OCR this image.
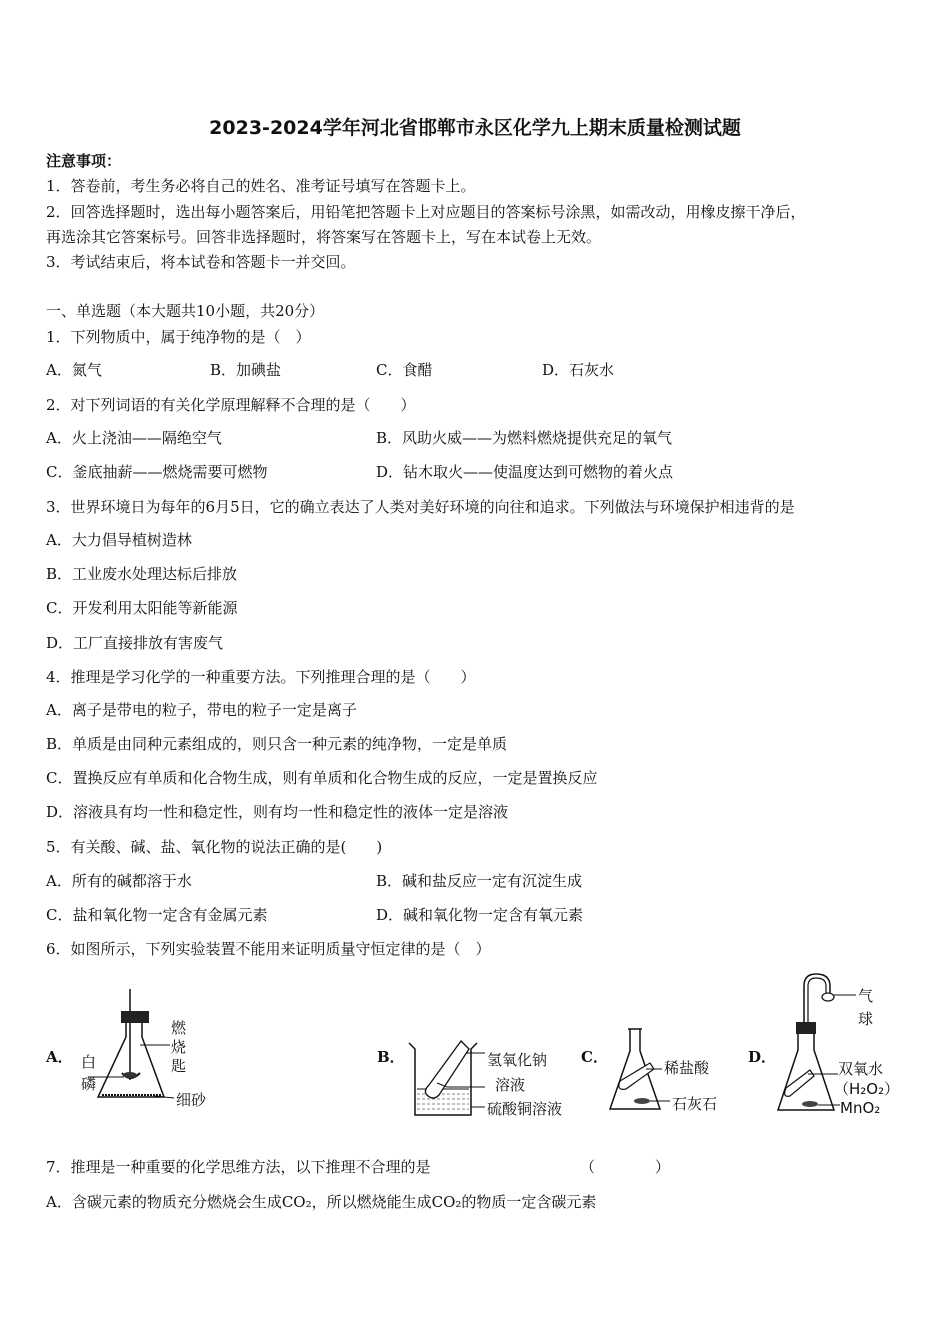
2023-2024学年河北省邯郸市永区化学九上期末质量检测试题
注意事项：
1．答卷前，考生务必将自己的姓名、准考证号填写在答题卡上。
2．回答选择题时，选出每小题答案后，用铅笔把答题卡上对应题目的答案标号涂黑，如需改动，用橡皮擦干净后，
再选涂其它答案标号。回答非选择题时，将答案写在答题卡上，写在本试卷上无效。
3．考试结束后，将本试卷和答题卡一并交回。
一、单选题（本大题共10小题，共20分）
1．下列物质中，属于纯净物的是（　）
A．氮气	B．加碘盐	C．食醋	D．石灰水
2．对下列词语的有关化学原理解释不合理的是（　　）
A．火上浇油——隔绝空气	B．风助火威——为燃料燃烧提供充足的氧气
C．釜底抽薪——燃烧需要可燃物	D．钻木取火——使温度达到可燃物的着火点
3．世界环境日为每年的6月5日，它的确立表达了人类对美好环境的向往和追求。下列做法与环境保护相违背的是
A．大力倡导植树造林
B．工业废水处理达标后排放
C．开发利用太阳能等新能源
D．工厂直接排放有害废气
4．推理是学习化学的一种重要方法。下列推理合理的是（　　）
A．离子是带电的粒子，带电的粒子一定是离子
B．单质是由同种元素组成的，则只含一种元素的纯净物，一定是单质
C．置换反应有单质和化合物生成，则有单质和化合物生成的反应，一定是置换反应
D．溶液具有均一性和稳定性，则有均一性和稳定性的液体一定是溶液
5．有关酸、碱、盐、氧化物的说法正确的是(　　)
A．所有的碱都溶于水	B．碱和盐反应一定有沉淀生成
C．盐和氧化物一定含有金属元素	D．碱和氧化物一定含有氧元素
6．如图所示，下列实验装置不能用来证明质量守恒定律的是（　）
A．	B．	C．	D．
燃
烧
匙
白
磷
细砂
氢氧化钠
溶液
硫酸铜溶液
稀盐酸
石灰石
气
球
双氧水
（H₂O₂）
MnO₂
7．推理是一种重要的化学思维方法，以下推理不合理的是	（　　　　）
A．含碳元素的物质充分燃烧会生成CO₂，所以燃烧能生成CO₂的物质一定含碳元素
